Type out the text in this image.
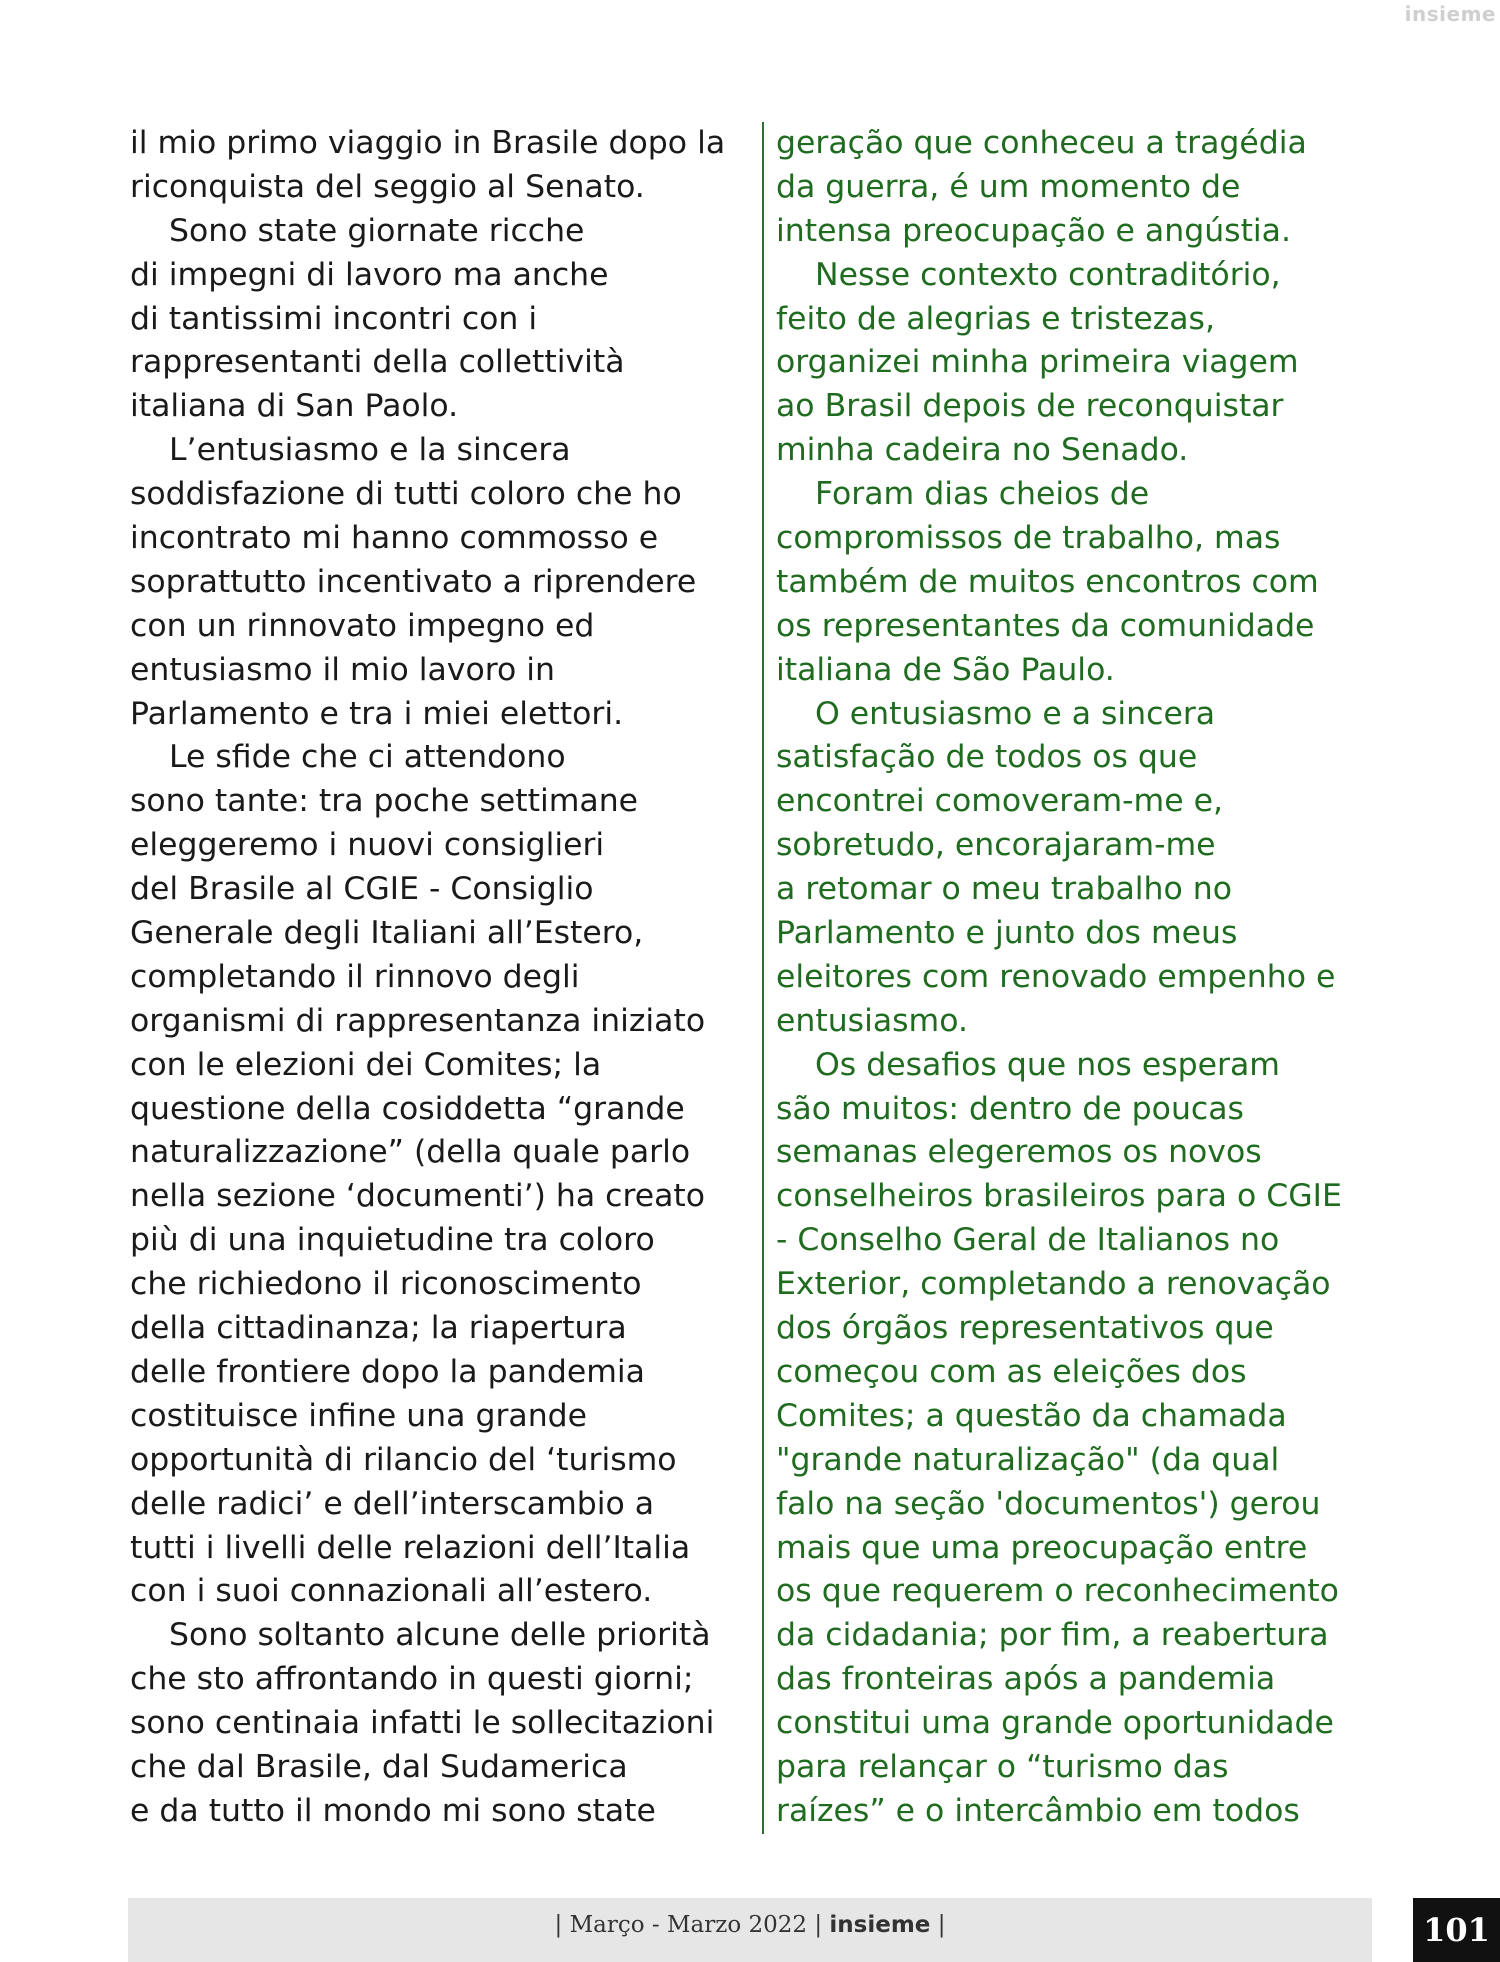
insieme
il mio primo viaggio in Brasile dopo la
riconquista del seggio al Senato.
Sono state giornate ricche
di impegni di lavoro ma anche
di tantissimi incontri con i
rappresentanti della collettività
italiana di San Paolo.
L’entusiasmo e la sincera
soddisfazione di tutti coloro che ho
incontrato mi hanno commosso e
soprattutto incentivato a riprendere
con un rinnovato impegno ed
entusiasmo il mio lavoro in
Parlamento e tra i miei elettori.
Le sfide che ci attendono
sono tante: tra poche settimane
eleggeremo i nuovi consiglieri
del Brasile al CGIE - Consiglio
Generale degli Italiani all’Estero,
completando il rinnovo degli
organismi di rappresentanza iniziato
con le elezioni dei Comites; la
questione della cosiddetta “grande
naturalizzazione” (della quale parlo
nella sezione ‘documenti’) ha creato
più di una inquietudine tra coloro
che richiedono il riconoscimento
della cittadinanza; la riapertura
delle frontiere dopo la pandemia
costituisce infine una grande
opportunità di rilancio del ‘turismo
delle radici’ e dell’interscambio a
tutti i livelli delle relazioni dell’Italia
con i suoi connazionali all’estero.
Sono soltanto alcune delle priorità
che sto affrontando in questi giorni;
sono centinaia infatti le sollecitazioni
che dal Brasile, dal Sudamerica
e da tutto il mondo mi sono state
geração que conheceu a tragédia
da guerra, é um momento de
intensa preocupação e angústia.
Nesse contexto contraditório,
feito de alegrias e tristezas,
organizei minha primeira viagem
ao Brasil depois de reconquistar
minha cadeira no Senado.
Foram dias cheios de
compromissos de trabalho, mas
também de muitos encontros com
os representantes da comunidade
italiana de São Paulo.
O entusiasmo e a sincera
satisfação de todos os que
encontrei comoveram-me e,
sobretudo, encorajaram-me
a retomar o meu trabalho no
Parlamento e junto dos meus
eleitores com renovado empenho e
entusiasmo.
Os desafios que nos esperam
são muitos: dentro de poucas
semanas elegeremos os novos
conselheiros brasileiros para o CGIE
- Conselho Geral de Italianos no
Exterior, completando a renovação
dos órgãos representativos que
começou com as eleições dos
Comites; a questão da chamada
"grande naturalização" (da qual
falo na seção 'documentos') gerou
mais que uma preocupação entre
os que requerem o reconhecimento
da cidadania; por fim, a reabertura
das fronteiras após a pandemia
constitui uma grande oportunidade
para relançar o “turismo das
raízes” e o intercâmbio em todos
| Março - Marzo 2022 | insieme |	101
